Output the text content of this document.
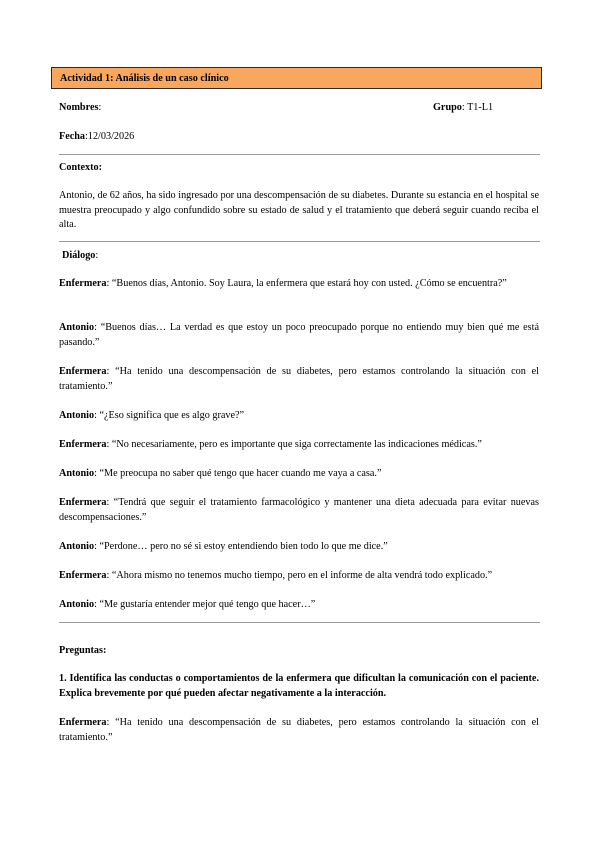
Actividad 1: Análisis de un caso clínico
Nombres:	Grupo: T1-L1
Fecha:12/03/2026
Contexto:
Antonio, de 62 años, ha sido ingresado por una descompensación de su diabetes. Durante su estancia en el hospital se muestra preocupado y algo confundido sobre su estado de salud y el tratamiento que deberá seguir cuando reciba el alta.
Diálogo:
Enfermera: “Buenos días, Antonio. Soy Laura, la enfermera que estará hoy con usted. ¿Cómo se encuentra?”
Antonio: “Buenos días… La verdad es que estoy un poco preocupado porque no entiendo muy bien qué me está pasando.”
Enfermera: “Ha tenido una descompensación de su diabetes, pero estamos controlando la situación con el tratamiento.”
Antonio: “¿Eso significa que es algo grave?”
Enfermera: “No necesariamente, pero es importante que siga correctamente las indicaciones médicas.”
Antonio: “Me preocupa no saber qué tengo que hacer cuando me vaya a casa.”
Enfermera: “Tendrá que seguir el tratamiento farmacológico y mantener una dieta adecuada para evitar nuevas descompensaciones.”
Antonio: “Perdone… pero no sé si estoy entendiendo bien todo lo que me dice.”
Enfermera: “Ahora mismo no tenemos mucho tiempo, pero en el informe de alta vendrá todo explicado.”
Antonio: “Me gustaría entender mejor qué tengo que hacer…”
Preguntas:
1. Identifica las conductas o comportamientos de la enfermera que dificultan la comunicación con el paciente. Explica brevemente por qué pueden afectar negativamente a la interacción.
Enfermera: “Ha tenido una descompensación de su diabetes, pero estamos controlando la situación con el tratamiento.”
